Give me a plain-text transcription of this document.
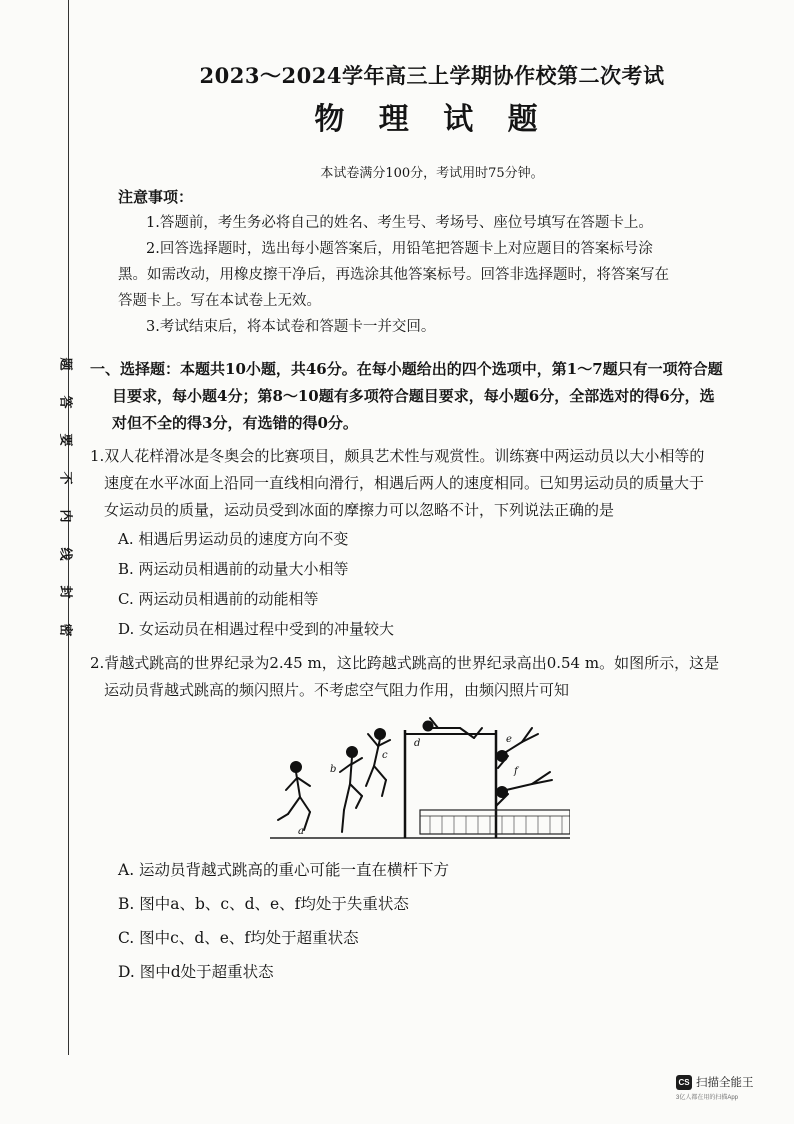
题
答
要
不
内
线
封
密
2023～2024学年高三上学期协作校第二次考试
物 理 试 题
本试卷满分100分，考试用时75分钟。

注意事项：

1.答题前，考生务必将自己的姓名、考生号、考场号、座位号填写在答题卡上。

2.回答选择题时，选出每小题答案后，用铅笔把答题卡上对应题目的答案标号涂

黑。如需改动，用橡皮擦干净后，再选涂其他答案标号。回答非选择题时，将答案写在

答题卡上。写在本试卷上无效。

3.考试结束后，将本试卷和答题卡一并交回。

一、选择题：本题共10小题，共46分。在每小题给出的四个选项中，第1～7题只有一项符合题
目要求，每小题4分；第8～10题有多项符合题目要求，每小题6分，全部选对的得6分，选
对但不全的得3分，有选错的得0分。

1.双人花样滑冰是冬奥会的比赛项目，颇具艺术性与观赏性。训练赛中两运动员以大小相等的
速度在水平冰面上沿同一直线相向滑行，相遇后两人的速度相同。已知男运动员的质量大于
女运动员的质量，运动员受到冰面的摩擦力可以忽略不计，下列说法正确的是

A. 相遇后男运动员的速度方向不变

B. 两运动员相遇前的动量大小相等

C. 两运动员相遇前的动能相等

D. 女运动员在相遇过程中受到的冲量较大

2.背越式跳高的世界纪录为2.45 m，这比跨越式跳高的世界纪录高出0.54 m。如图所示，这是
运动员背越式跳高的频闪照片。不考虑空气阻力作用，由频闪照片可知

a
b
c
d	e
f

A. 运动员背越式跳高的重心可能一直在横杆下方

B. 图中a、b、c、d、e、f均处于失重状态

C. 图中c、d、e、f均处于超重状态

D. 图中d处于超重状态

CS 扫描全能王
3亿人都在用的扫描App
